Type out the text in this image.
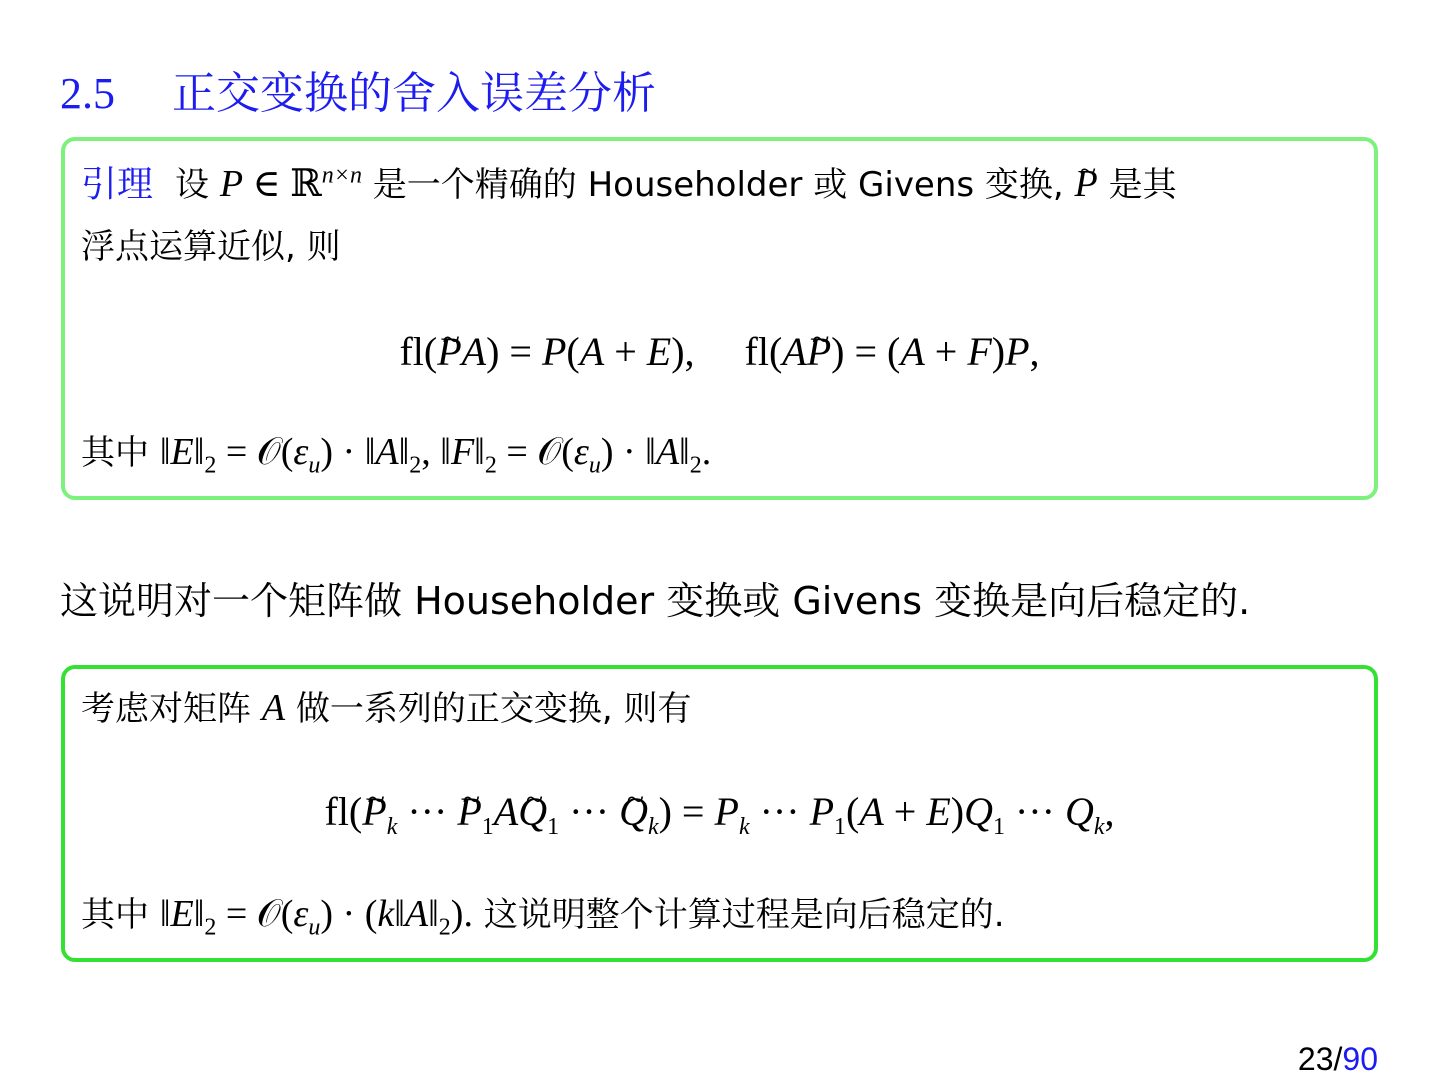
2.5 正交变换的舍入误差分析
引理 设 P ∈ ℝ$^{n\times n}$ 是一个精确的 Householder 或 Givens 变换, ~ P 是其
浮点运算近似, 则
fl(~ PA) = P(A + E),     fl(A~ P) = (A + F)P,
其中 $‖E‖_2$ = $𝒪(\varepsilon_u)$ · $‖A‖_2$, $‖F‖_2$ = $𝒪(\varepsilon_u)$ · $‖A‖_2$.
这说明对一个矩阵做 Householder 变换或 Givens 变换是向后稳定的.
考虑对矩阵 A 做一系列的正交变换, 则有
fl(~ $P_k$ ··· ~ $P_1A\sim$ $Q_1$ ··· ~ $Q_k) = P_k$ ··· $P_1(A + E)Q_1$ ··· $Q_k$,
其中 $‖E‖_2$ = $𝒪(\varepsilon_u)$ · $(k‖A‖_2)$. 这说明整个计算过程是向后稳定的.
23/90
